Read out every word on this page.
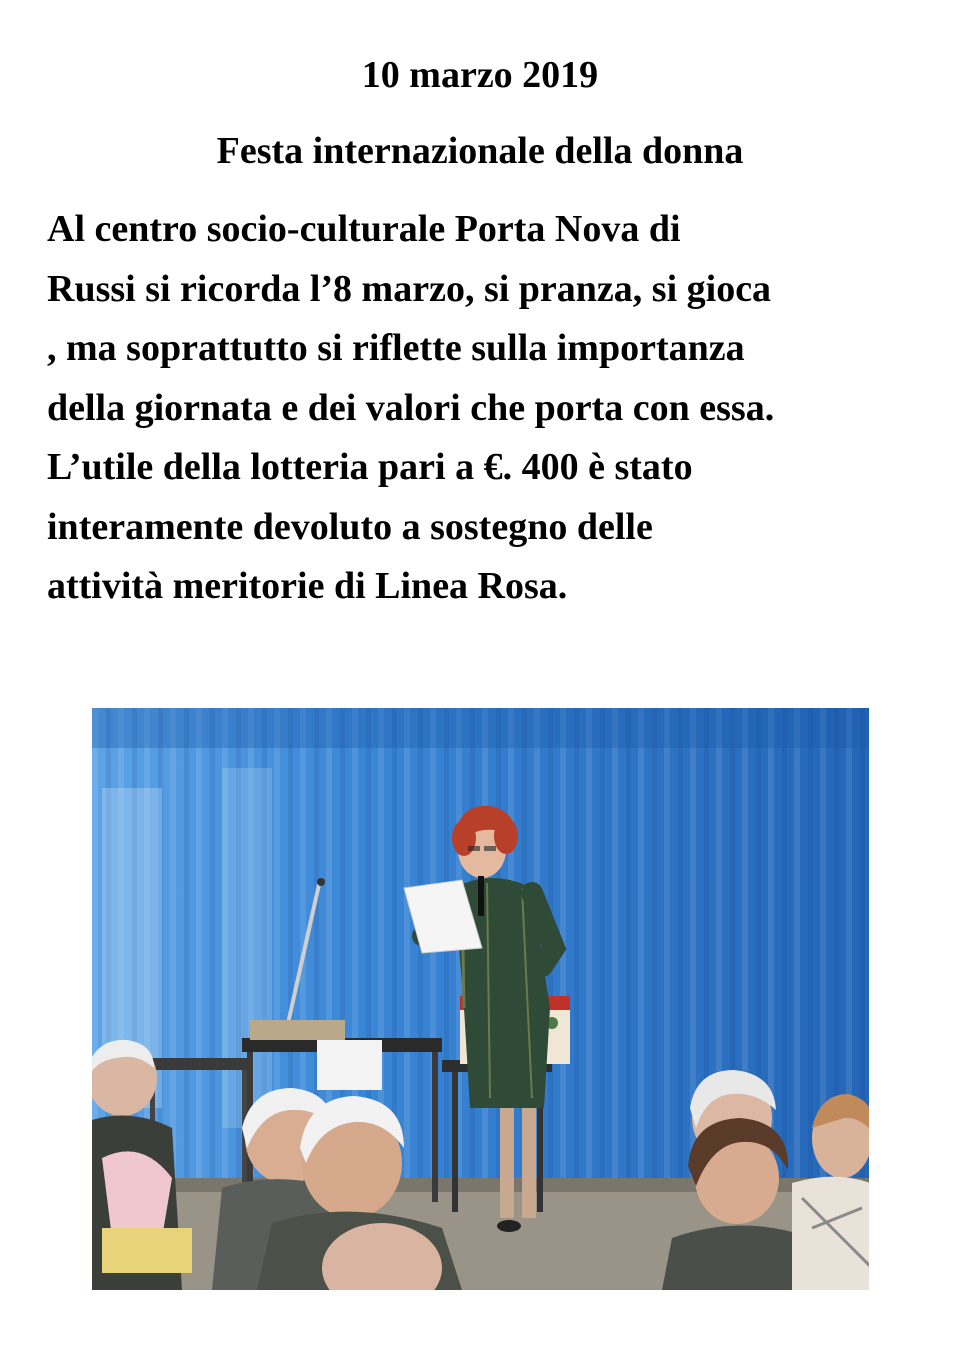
10 marzo 2019
Festa internazionale della donna

Al centro socio-culturale Porta Nova di
Russi si ricorda l’8 marzo, si pranza, si gioca
, ma soprattutto si riflette sulla importanza
della giornata e dei valori che porta con essa.
L’utile della lotteria pari a €. 400 è stato
interamente devoluto a sostegno delle
attività meritorie di Linea Rosa.
